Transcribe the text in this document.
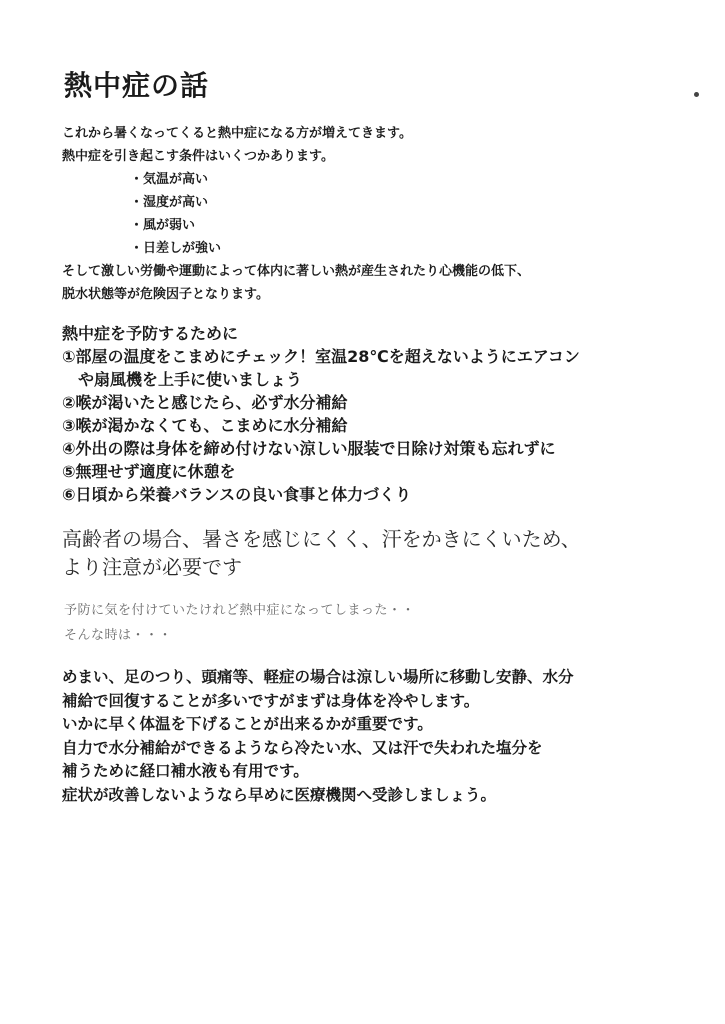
熱中症の話
これから暑くなってくると熱中症になる方が増えてきます。
熱中症を引き起こす条件はいくつかあります。
・気温が高い
・湿度が高い
・風が弱い
・日差しが強い
そして激しい労働や運動によって体内に著しい熱が産生されたり心機能の低下、
脱水状態等が危険因子となります。
熱中症を予防するために
①部屋の温度をこまめにチェック！室温28℃を超えないようにエアコン
や扇風機を上手に使いましょう
②喉が渇いたと感じたら、必ず水分補給
③喉が渇かなくても、こまめに水分補給
④外出の際は身体を締め付けない涼しい服装で日除け対策も忘れずに
⑤無理せず適度に休憩を
⑥日頃から栄養バランスの良い食事と体力づくり
高齢者の場合、暑さを感じにくく、汗をかきにくいため、
より注意が必要です
予防に気を付けていたけれど熱中症になってしまった・・
そんな時は・・・
めまい、足のつり、頭痛等、軽症の場合は涼しい場所に移動し安静、水分
補給で回復することが多いですがまずは身体を冷やします。
いかに早く体温を下げることが出来るかが重要です。
自力で水分補給ができるようなら冷たい水、又は汗で失われた塩分を
補うために経口補水液も有用です。
症状が改善しないようなら早めに医療機関へ受診しましょう。
